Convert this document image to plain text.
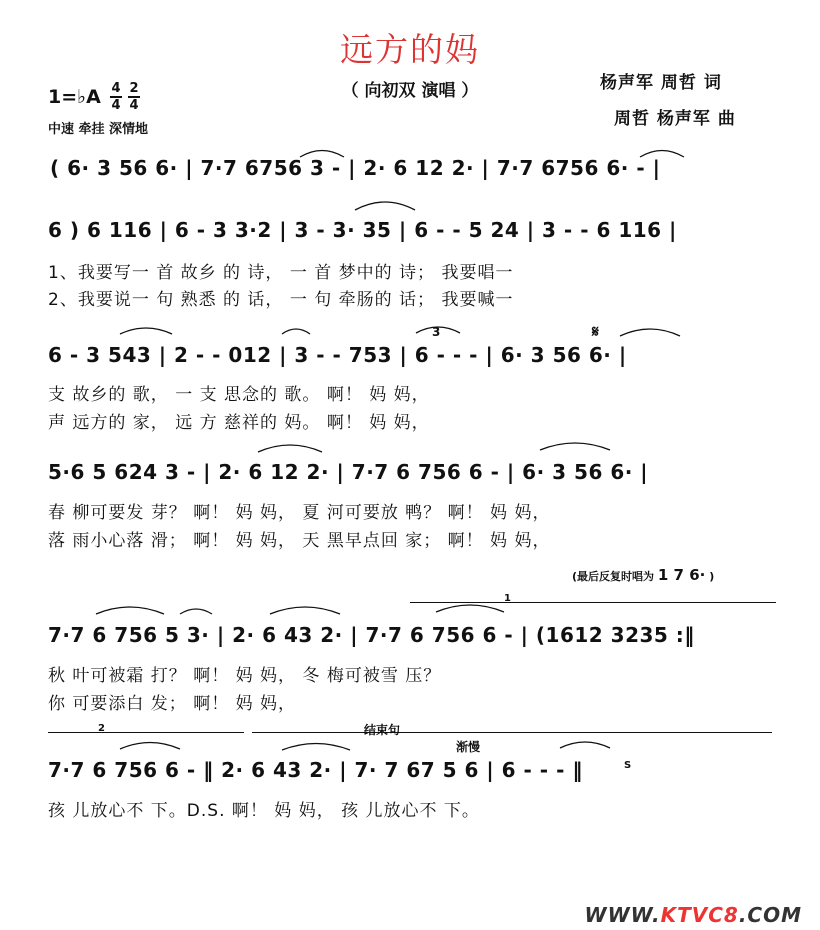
远方的妈
（ 向初双 演唱 ）	杨声军 周哲 词
周哲 杨声军 曲
1=♭A 4
4
2
4
中速 牵挂 深情地
( 6· 3 56 6· | 7·7 6756 3 - | 2· 6 12 2· | 7·7 6756 6· - |
6 ) 6 116 | 6 - 3 3·2 | 3 - 3· 35 | 6 - - 5 24 | 3 - - 6 116 |
1、我要写一 首 故乡 的 诗， 一 首 梦中的 诗； 我要唱一
2、我要说一 句 熟悉 的 话， 一 句 牵肠的 话； 我要喊一
3	𝄋
6 - 3 543 | 2 - - 012 | 3 - - 753 | 6 - - - | 6· 3 56 6· |
支 故乡的 歌， 一 支 思念的 歌。 啊！ 妈 妈，
声 远方的 家， 远 方 慈祥的 妈。 啊！ 妈 妈，
5·6 5 624 3 - | 2· 6 12 2· | 7·7 6 756 6 - | 6· 3 56 6· |
春 柳可要发 芽？ 啊！ 妈 妈， 夏 河可要放 鸭？ 啊！ 妈 妈，
落 雨小心落 滑； 啊！ 妈 妈， 天 黑早点回 家； 啊！ 妈 妈，
(最后反复时唱为 1 7 6· )
1
7·7 6 756 5 3· | 2· 6 43 2· | 7·7 6 756 6 - | (1612 3235 :‖
秋 叶可被霜 打？ 啊！ 妈 妈， 冬 梅可被雪 压？
你 可要添白 发； 啊！ 妈 妈，
2	结束句
渐慢
7·7 6 756 6 - ‖ 2· 6 43 2· | 7· 7 67 5 6 | 6 - - - ‖	S
孩 儿放心不 下。D.S. 啊！ 妈 妈， 孩 儿放心不 下。
WWW.KTVC8.COM
